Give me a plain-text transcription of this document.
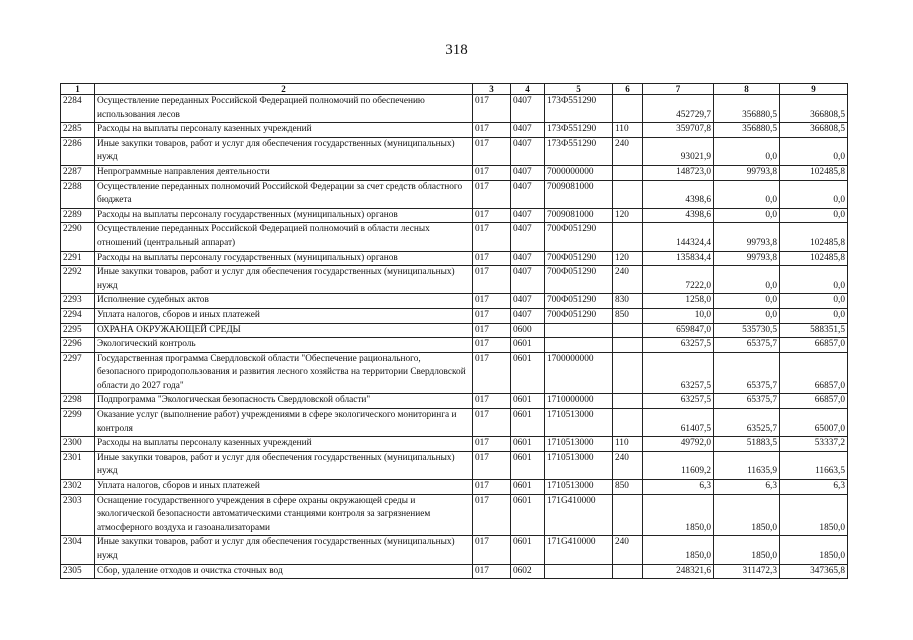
318
1	2	3	4	5	6	7	8	9
2284	Осуществление переданных Российской Федерацией полномочий по обеспечению использования лесов	017	0407	173Ф551290		452729,7	356880,5	366808,5
2285	Расходы на выплаты персоналу казенных учреждений	017	0407	173Ф551290	110	359707,8	356880,5	366808,5
2286	Иные закупки товаров, работ и услуг для обеспечения государственных (муниципальных) нужд	017	0407	173Ф551290	240	93021,9	0,0	0,0
2287	Непрограммные направления деятельности	017	0407	7000000000		148723,0	99793,8	102485,8
2288	Осуществление переданных полномочий Российской Федерации за счет средств областного бюджета	017	0407	7009081000		4398,6	0,0	0,0
2289	Расходы на выплаты персоналу государственных (муниципальных) органов	017	0407	7009081000	120	4398,6	0,0	0,0
2290	Осуществление переданных Российской Федерацией полномочий в области лесных отношений (центральный аппарат)	017	0407	700Ф051290		144324,4	99793,8	102485,8
2291	Расходы на выплаты персоналу государственных (муниципальных) органов	017	0407	700Ф051290	120	135834,4	99793,8	102485,8
2292	Иные закупки товаров, работ и услуг для обеспечения государственных (муниципальных) нужд	017	0407	700Ф051290	240	7222,0	0,0	0,0
2293	Исполнение судебных актов	017	0407	700Ф051290	830	1258,0	0,0	0,0
2294	Уплата налогов, сборов и иных платежей	017	0407	700Ф051290	850	10,0	0,0	0,0
2295	ОХРАНА ОКРУЖАЮЩЕЙ СРЕДЫ	017	0600			659847,0	535730,5	588351,5
2296	Экологический контроль	017	0601			63257,5	65375,7	66857,0
2297	Государственная программа Свердловской области "Обеспечение рационального, безопасного природопользования и развития лесного хозяйства на территории Свердловской области до 2027 года"	017	0601	1700000000		63257,5	65375,7	66857,0
2298	Подпрограмма "Экологическая безопасность Свердловской области"	017	0601	1710000000		63257,5	65375,7	66857,0
2299	Оказание услуг (выполнение работ) учреждениями в сфере экологического мониторинга и контроля	017	0601	1710513000		61407,5	63525,7	65007,0
2300	Расходы на выплаты персоналу казенных учреждений	017	0601	1710513000	110	49792,0	51883,5	53337,2
2301	Иные закупки товаров, работ и услуг для обеспечения государственных (муниципальных) нужд	017	0601	1710513000	240	11609,2	11635,9	11663,5
2302	Уплата налогов, сборов и иных платежей	017	0601	1710513000	850	6,3	6,3	6,3
2303	Оснащение государственного учреждения в сфере охраны окружающей среды и экологической безопасности автоматическими станциями контроля за загрязнением атмосферного воздуха и газоанализаторами	017	0601	171G410000		1850,0	1850,0	1850,0
2304	Иные закупки товаров, работ и услуг для обеспечения государственных (муниципальных) нужд	017	0601	171G410000	240	1850,0	1850,0	1850,0
2305	Сбор, удаление отходов и очистка сточных вод	017	0602			248321,6	311472,3	347365,8
